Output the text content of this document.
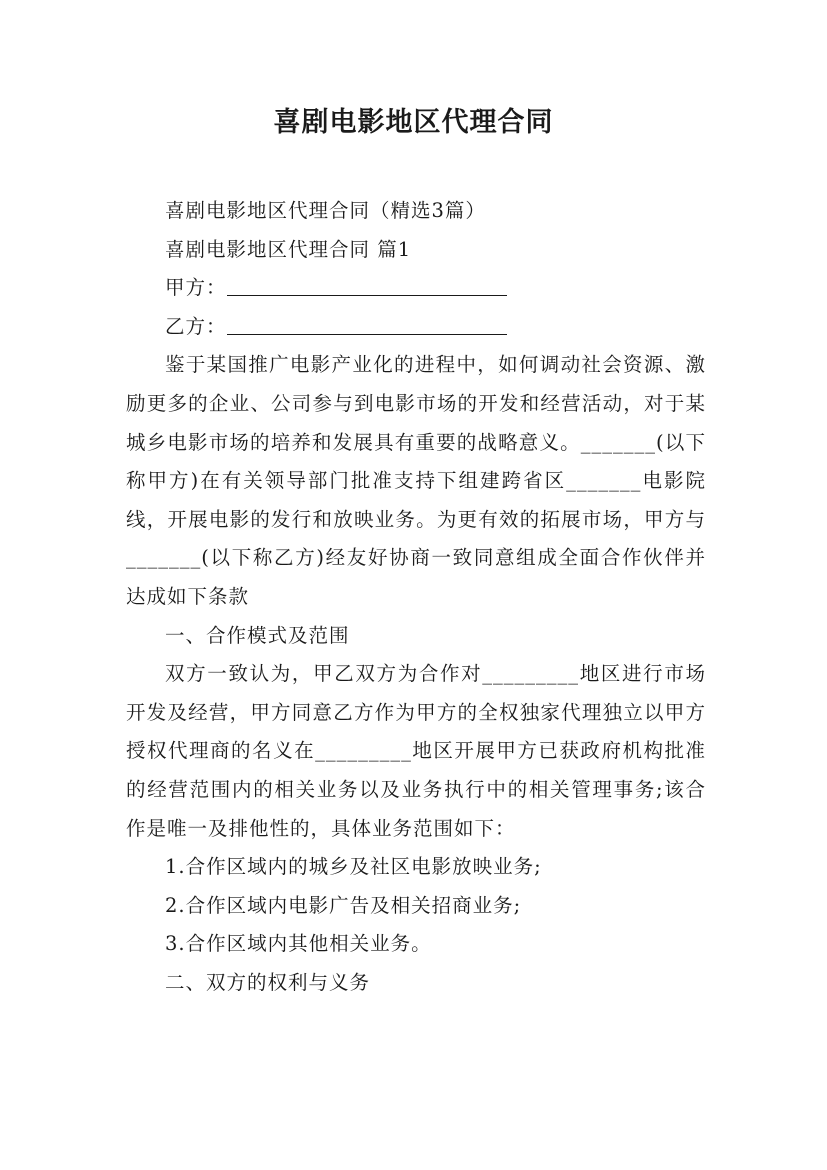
喜剧电影地区代理合同

喜剧电影地区代理合同（精选3篇）

喜剧电影地区代理合同 篇1

甲方：

乙方：

鉴于某国推广电影产业化的进程中，如何调动社会资源、激励更多的企业、公司参与到电影市场的开发和经营活动，对于某城乡电影市场的培养和发展具有重要的战略意义。_______(以下称甲方)在有关领导部门批准支持下组建跨省区_______电影院线，开展电影的发行和放映业务。为更有效的拓展市场，甲方与_______(以下称乙方)经友好协商一致同意组成全面合作伙伴并达成如下条款

一、合作模式及范围

双方一致认为，甲乙双方为合作对_________地区进行市场开发及经营，甲方同意乙方作为甲方的全权独家代理独立以甲方授权代理商的名义在_________地区开展甲方已获政府机构批准的经营范围内的相关业务以及业务执行中的相关管理事务;该合作是唯一及排他性的，具体业务范围如下：

1.合作区域内的城乡及社区电影放映业务;

2.合作区域内电影广告及相关招商业务;

3.合作区域内其他相关业务。

二、双方的权利与义务
